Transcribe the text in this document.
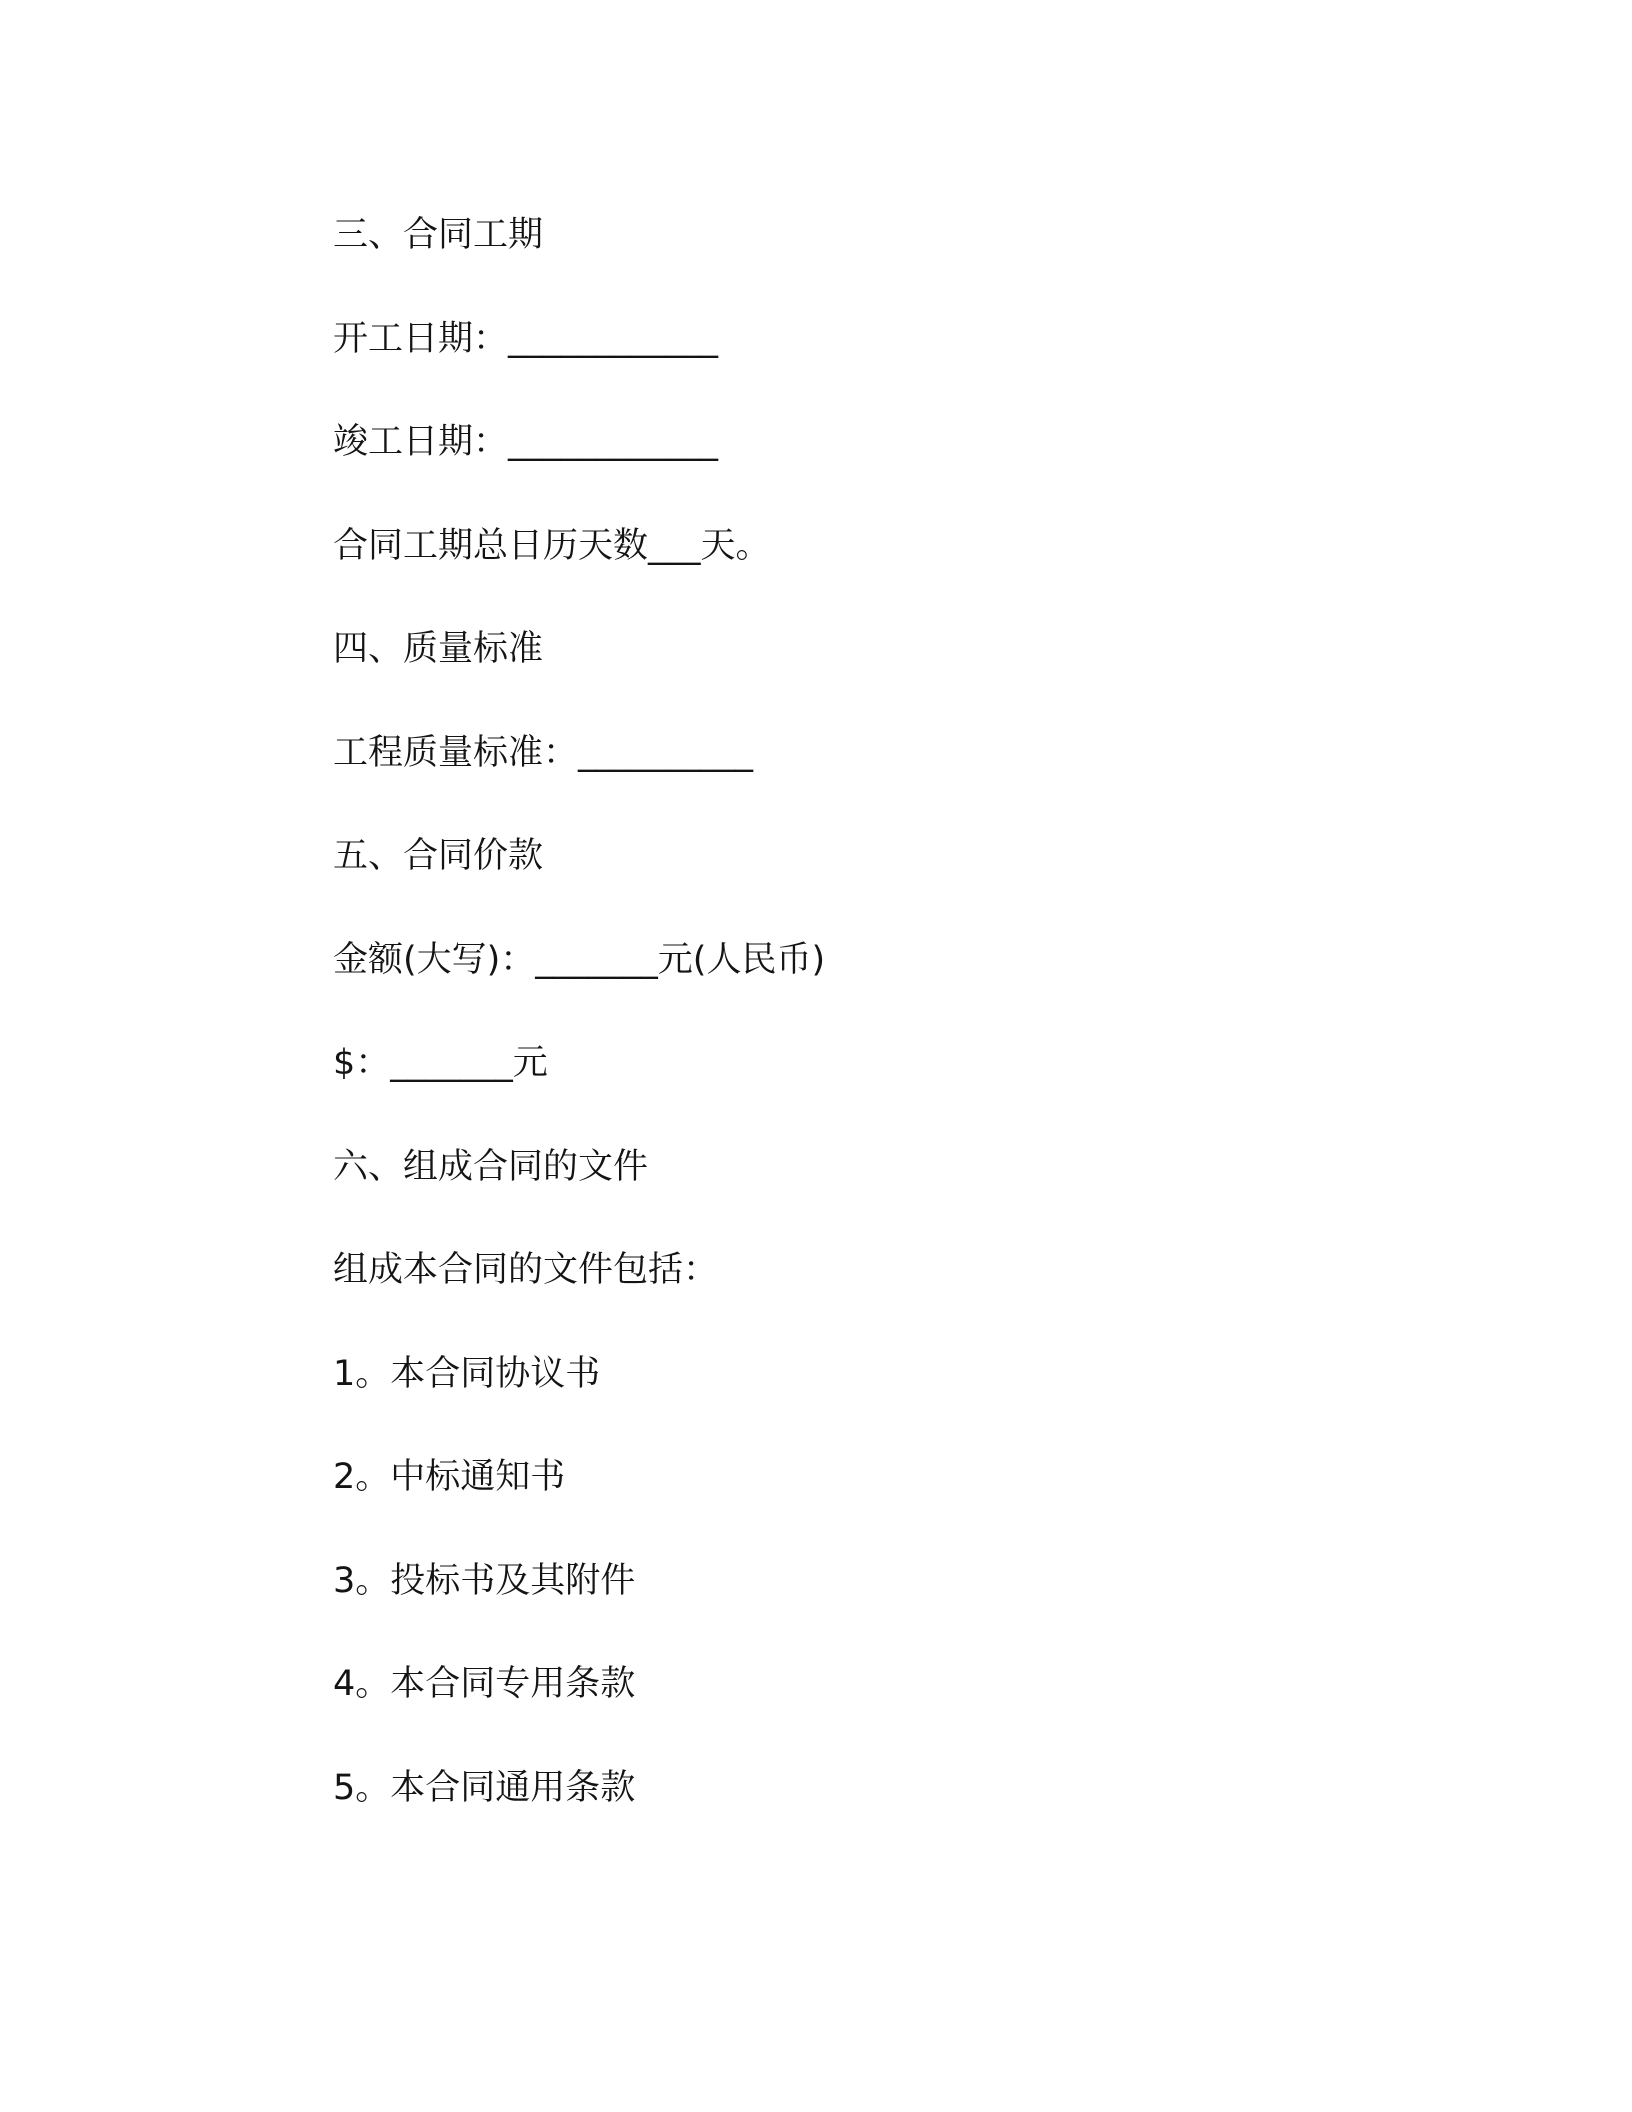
三、合同工期

开工日期：____________

竣工日期：____________

合同工期总日历天数___天。

四、质量标准

工程质量标准：__________

五、合同价款

金额(大写)：_______元(人民币)

$：_______元

六、组成合同的文件

组成本合同的文件包括：

1。本合同协议书

2。中标通知书

3。投标书及其附件

4。本合同专用条款

5。本合同通用条款
